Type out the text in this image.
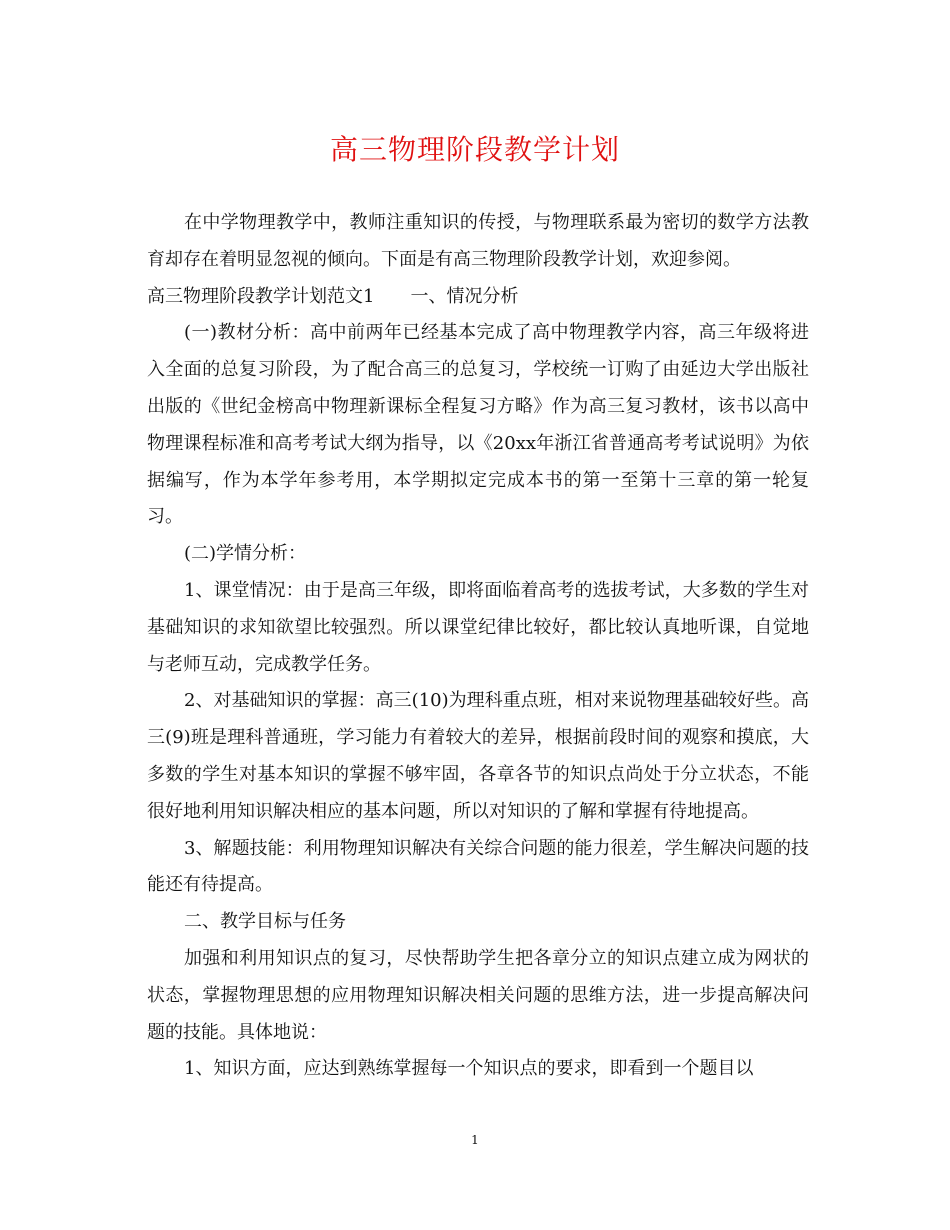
高三物理阶段教学计划

在中学物理教学中，教师注重知识的传授，与物理联系最为密切的数学方法教育却存在着明显忽视的倾向。下面是有高三物理阶段教学计划，欢迎参阅。

高三物理阶段教学计划范文1　　一、情况分析

(一)教材分析：高中前两年已经基本完成了高中物理教学内容，高三年级将进入全面的总复习阶段，为了配合高三的总复习，学校统一订购了由延边大学出版社出版的《世纪金榜高中物理新课标全程复习方略》作为高三复习教材，该书以高中物理课程标准和高考考试大纲为指导，以《20xx年浙江省普通高考考试说明》为依据编写，作为本学年参考用，本学期拟定完成本书的第一至第十三章的第一轮复习。

(二)学情分析：

1、课堂情况：由于是高三年级，即将面临着高考的选拔考试，大多数的学生对基础知识的求知欲望比较强烈。所以课堂纪律比较好，都比较认真地听课，自觉地与老师互动，完成教学任务。

2、对基础知识的掌握：高三(10)为理科重点班，相对来说物理基础较好些。高三(9)班是理科普通班，学习能力有着较大的差异，根据前段时间的观察和摸底，大多数的学生对基本知识的掌握不够牢固，各章各节的知识点尚处于分立状态，不能很好地利用知识解决相应的基本问题，所以对知识的了解和掌握有待地提高。

3、解题技能：利用物理知识解决有关综合问题的能力很差，学生解决问题的技能还有待提高。

二、教学目标与任务

加强和利用知识点的复习，尽快帮助学生把各章分立的知识点建立成为网状的状态，掌握物理思想的应用物理知识解决相关问题的思维方法，进一步提高解决问题的技能。具体地说：

1、知识方面，应达到熟练掌握每一个知识点的要求，即看到一个题目以

1
